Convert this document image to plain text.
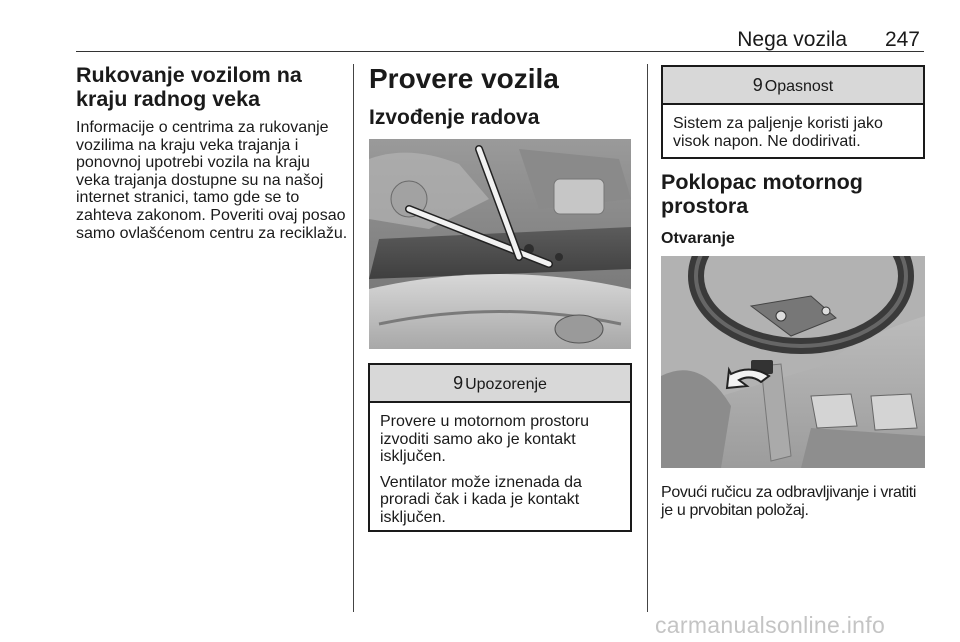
Nega vozila 247
Rukovanje vozilom na kraju radnog veka
Informacije o centrima za rukovanje vozilima na kraju veka trajanja i ponovnoj upotrebi vozila na kraju veka trajanja dostupne su na našoj internet stranici, tamo gde se to zahteva zakonom. Poveriti ovaj posao samo ovlašćenom centru za reciklažu.
Provere vozila
Izvođenje radova
9 Upozorenje

Provere u motornom prostoru izvoditi samo ako je kontakt isključen.

Ventilator može iznenada da proradi čak i kada je kontakt isključen.

9 Opasnost

Sistem za paljenje koristi jako visok napon. Ne dodirivati.

Poklopac motornog prostora
Otvaranje
Povući ručicu za odbravljivanje i vratiti je u prvobitan položaj.
carmanualsonline.info
